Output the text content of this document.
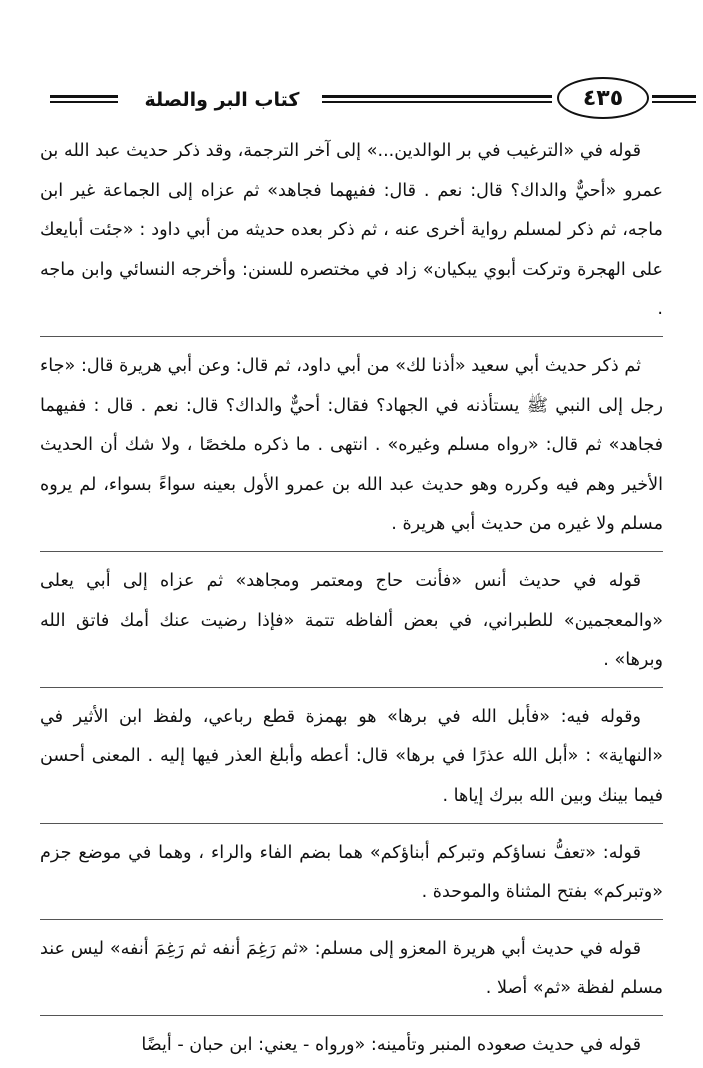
كتاب البر والصلة	٤٣٥

قوله في «الترغيب في بر الوالدين...» إلى آخر الترجمة، وقد ذكر حديث عبد الله بن عمرو «أحيٌّ والداك؟ قال: نعم . قال: ففيهما فجاهد» ثم عزاه إلى الجماعة غير ابن ماجه، ثم ذكر لمسلم رواية أخرى عنه ، ثم ذكر بعده حديثه من أبي داود : «جئت أبايعك على الهجرة وتركت أبوي يبكيان» زاد في مختصره للسنن: وأخرجه النسائي وابن ماجه .

ثم ذكر حديث أبي سعيد «أذنا لك» من أبي داود، ثم قال: وعن أبي هريرة قال: «جاء رجل إلى النبي ﷺ يستأذنه في الجهاد؟ فقال: أحيٌّ والداك؟ قال: نعم . قال : ففيهما فجاهد» ثم قال: «رواه مسلم وغيره» . انتهى . ما ذكره ملخصًا ، ولا شك أن الحديث الأخير وهم فيه وكرره وهو حديث عبد الله بن عمرو الأول بعينه سواءً بسواء، لم يروه مسلم ولا غيره من حديث أبي هريرة .

قوله في حديث أنس «فأنت حاج ومعتمر ومجاهد» ثم عزاه إلى أبي يعلى «والمعجمين» للطبراني، في بعض ألفاظه تتمة «فإذا رضيت عنك أمك فاتق الله وبرها» .

وقوله فيه: «فأبل الله في برها» هو بهمزة قطع رباعي، ولفظ ابن الأثير في «النهاية» : «أبل الله عذرًا في برها» قال: أعطه وأبلغ العذر فيها إليه . المعنى أحسن فيما بينك وبين الله ببرك إياها .

قوله: «تعفُّ نساؤكم وتبركم أبناؤكم» هما بضم الفاء والراء ، وهما في موضع جزم «وتبركم» بفتح المثناة والموحدة .

قوله في حديث أبي هريرة المعزو إلى مسلم: «ثم رَغِمَ أنفه ثم رَغِمَ أنفه» ليس عند مسلم لفظة «ثم» أصلا .

قوله في حديث صعوده المنبر وتأمينه: «ورواه - يعني: ابن حبان - أيضًا
